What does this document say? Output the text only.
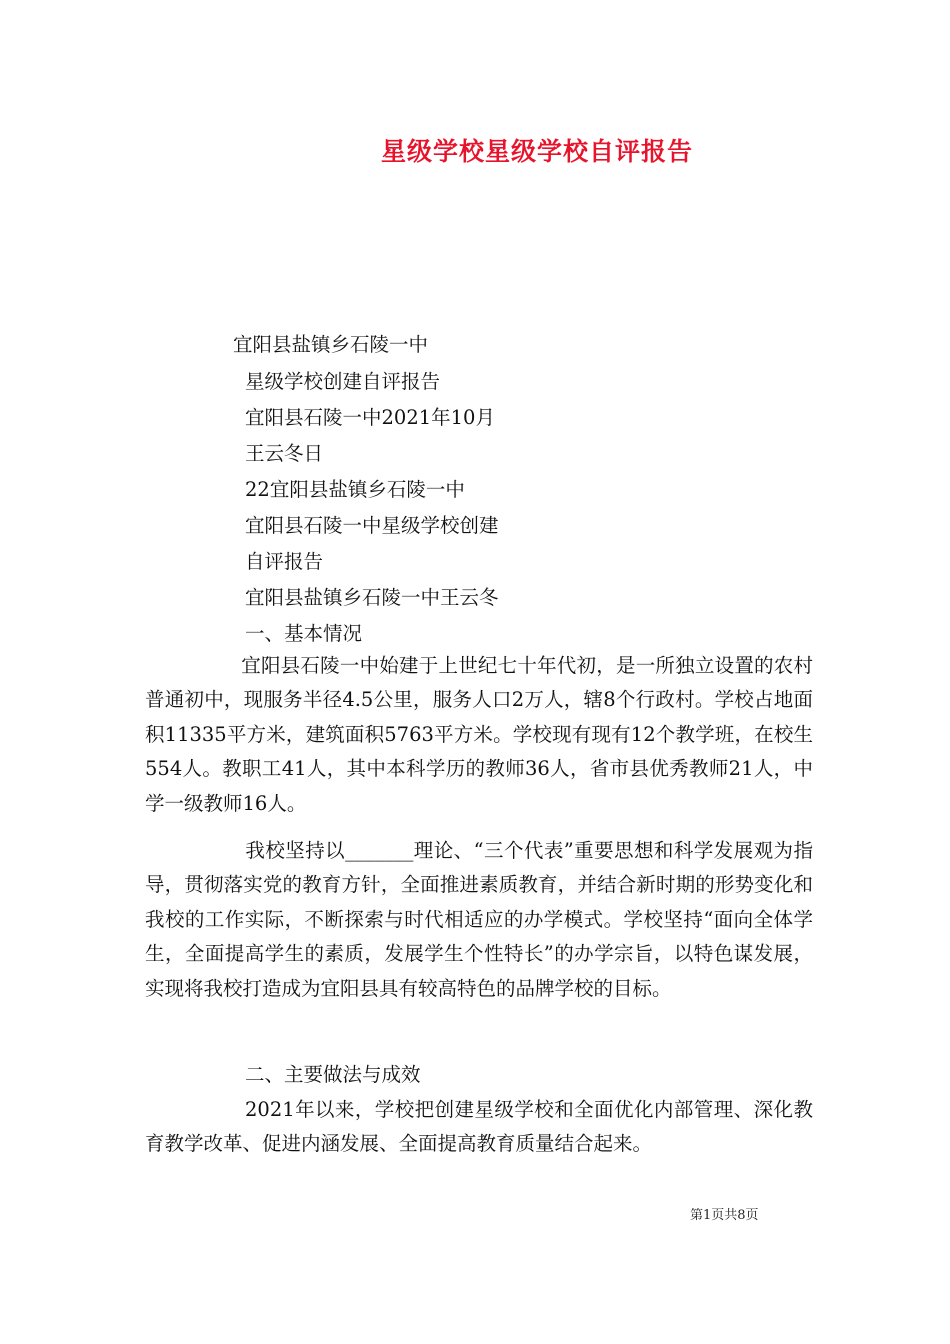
星级学校星级学校自评报告
宜阳县盐镇乡石陵一中
星级学校创建自评报告
宜阳县石陵一中2021年10月
王云冬日
22宜阳县盐镇乡石陵一中
宜阳县石陵一中星级学校创建
自评报告
宜阳县盐镇乡石陵一中王云冬
一、基本情况
宜阳县石陵一中始建于上世纪七十年代初，是一所独立设置的农村普通初中，现服务半径4.5公里，服务人口2万人，辖8个行政村。学校占地面积11335平方米，建筑面积5763平方米。学校现有现有12个教学班，在校生554人。教职工41人，其中本科学历的教师36人，省市县优秀教师21人，中学一级教师16人。
我校坚持以_______理论、“三个代表”重要思想和科学发展观为指导，贯彻落实党的教育方针，全面推进素质教育，并结合新时期的形势变化和我校的工作实际，不断探索与时代相适应的办学模式。学校坚持“面向全体学生，全面提高学生的素质，发展学生个性特长”的办学宗旨，以特色谋发展，实现将我校打造成为宜阳县具有较高特色的品牌学校的目标。
二、主要做法与成效
2021年以来，学校把创建星级学校和全面优化内部管理、深化教育教学改革、促进内涵发展、全面提高教育质量结合起来。
第1页共8页
